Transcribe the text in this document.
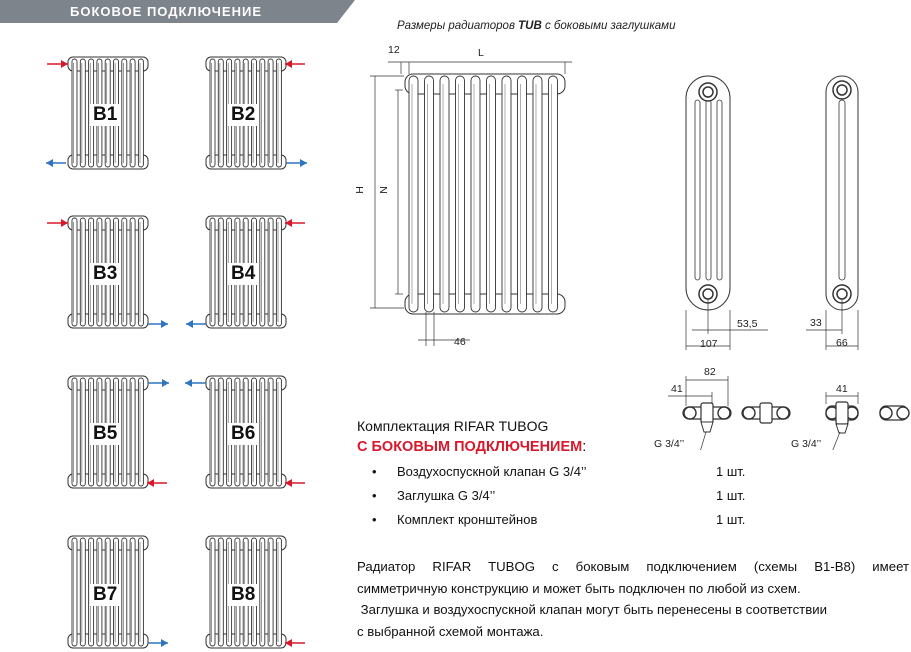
БОКОВОЕ ПОДКЛЮЧЕНИЕ
B1	B2
B3	B4
B5	B6
B7	B8
Размеры радиаторов TUB с боковыми заглушками
12	L
H N
46
53,5
107
33
66
41
82
41
G 3/4’’	G 3/4’’
Комплектация RIFAR TUBOG
С БОКОВЫМ ПОДКЛЮЧЕНИЕМ:
• Воздухоспускной клапан G 3/4’’	1 шт.
• Заглушка G 3/4’’	1 шт.
• Комплект кронштейнов	1 шт.

Радиатор RIFAR TUBOG с боковым подключением (схемы B1-B8) имеет

симметричную конструкцию и может быть подключен по любой из схем.

Заглушка и воздухоспускной клапан могут быть перенесены в соответствии

с выбранной схемой монтажа.
